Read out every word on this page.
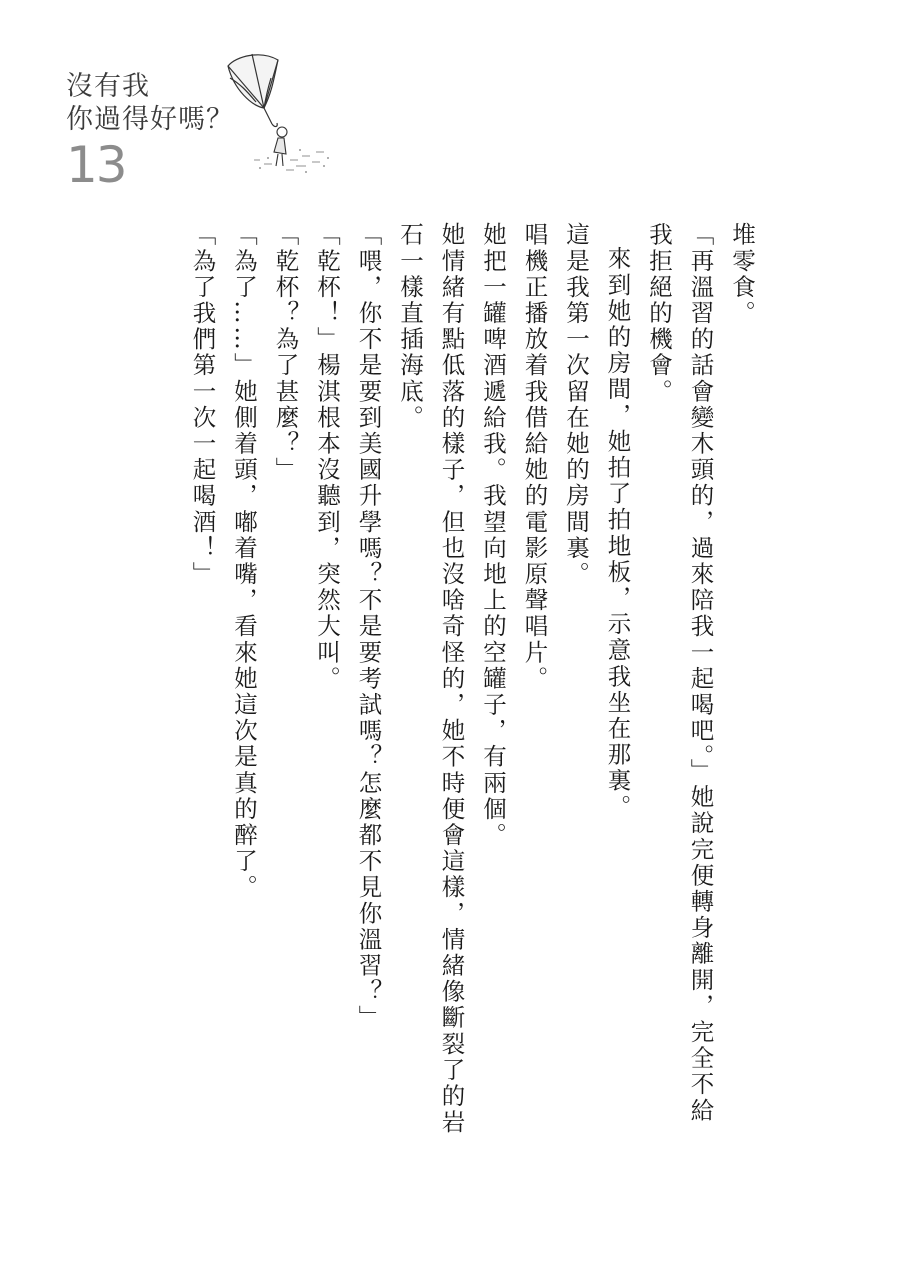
沒有我
你過得好嗎？
13

堆零食。

「再溫習的話會變木頭的，過來陪我一起喝吧。」她說完便轉身離開，完全不給我拒絕的機會。

來到她的房間，她拍了拍地板，示意我坐在那裏。

這是我第一次留在她的房間裏。

唱機正播放着我借給她的電影原聲唱片。

她把一罐啤酒遞給我。我望向地上的空罐子，有兩個。

她情緒有點低落的樣子，但也沒啥奇怪的，她不時便會這樣，情緒像斷裂了的岩石一樣直插海底。

「喂，你不是要到美國升學嗎？不是要考試嗎？怎麼都不見你溫習？」

「乾杯！」楊淇根本沒聽到，突然大叫。

「乾杯？為了甚麼？」

「為了……」她側着頭，嘟着嘴，看來她這次是真的醉了。

「為了我們第一次一起喝酒！」
